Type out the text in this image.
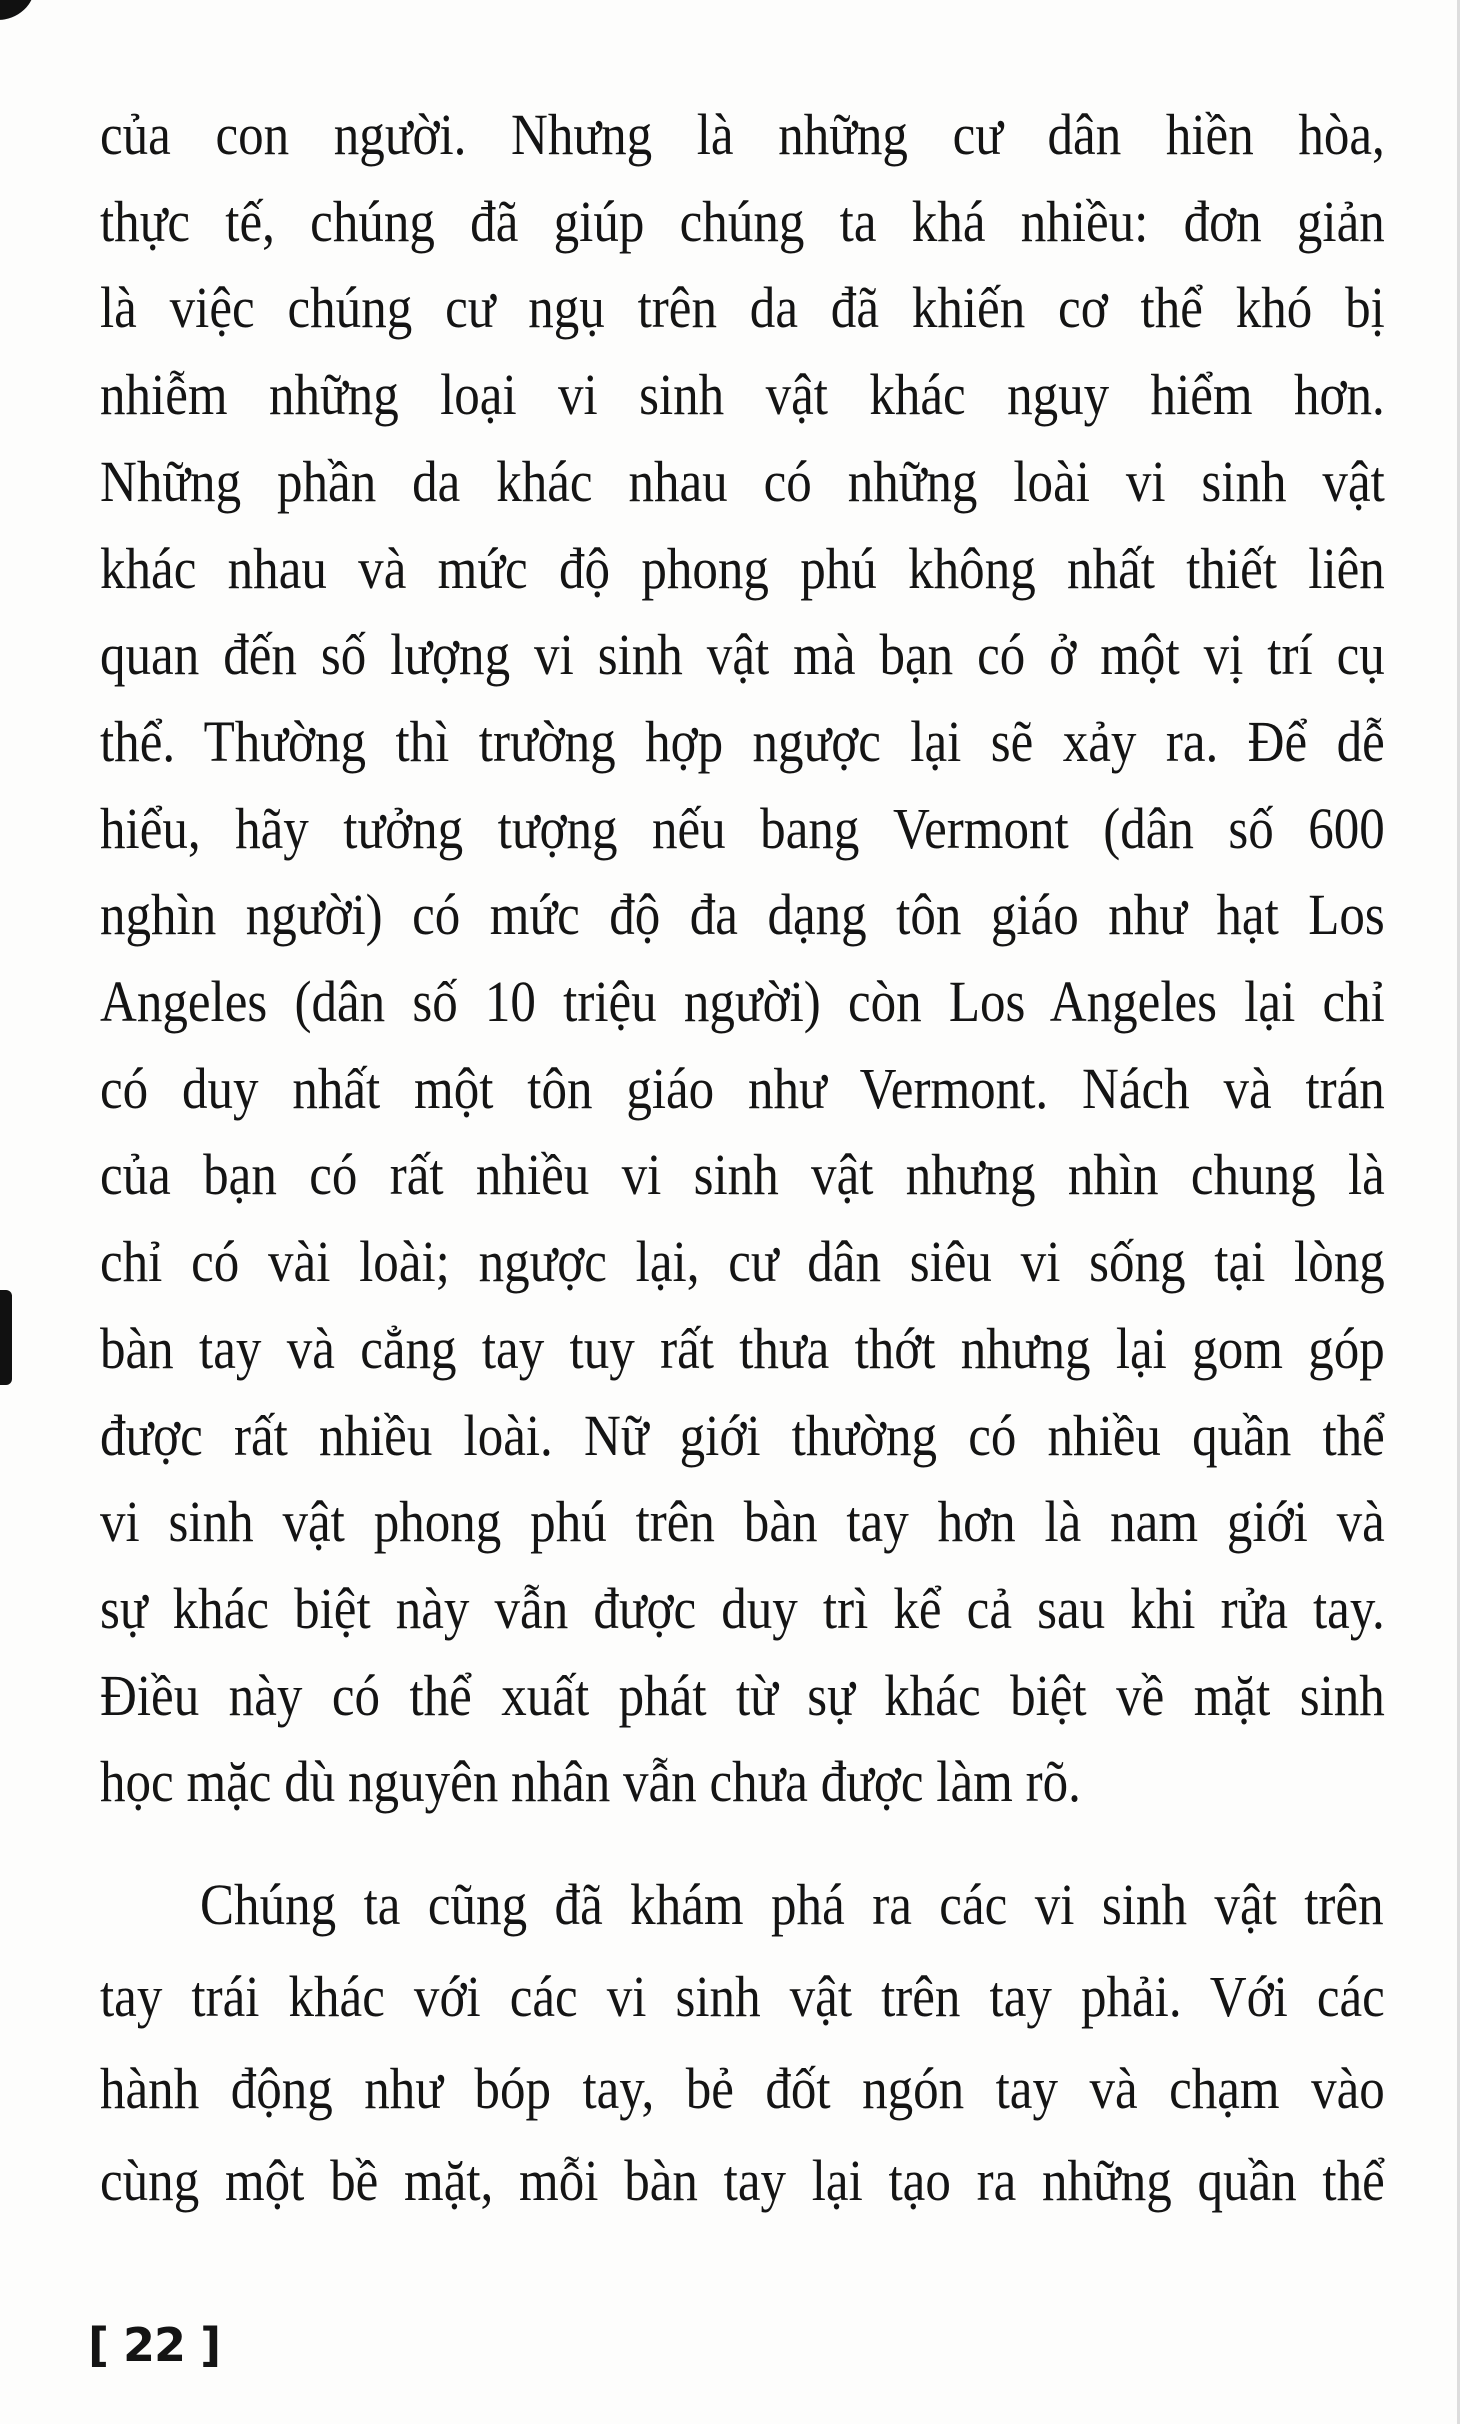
của con người. Nhưng là những cư dân hiền hòa,
thực tế, chúng đã giúp chúng ta khá nhiều: đơn giản
là việc chúng cư ngụ trên da đã khiến cơ thể khó bị
nhiễm những loại vi sinh vật khác nguy hiểm hơn.
Những phần da khác nhau có những loài vi sinh vật
khác nhau và mức độ phong phú không nhất thiết liên
quan đến số lượng vi sinh vật mà bạn có ở một vị trí cụ
thể. Thường thì trường hợp ngược lại sẽ xảy ra. Để dễ
hiểu, hãy tưởng tượng nếu bang Vermont (dân số 600
nghìn người) có mức độ đa dạng tôn giáo như hạt Los
Angeles (dân số 10 triệu người) còn Los Angeles lại chỉ
có duy nhất một tôn giáo như Vermont. Nách và trán
của bạn có rất nhiều vi sinh vật nhưng nhìn chung là
chỉ có vài loài; ngược lại, cư dân siêu vi sống tại lòng
bàn tay và cẳng tay tuy rất thưa thớt nhưng lại gom góp
được rất nhiều loài. Nữ giới thường có nhiều quần thể
vi sinh vật phong phú trên bàn tay hơn là nam giới và
sự khác biệt này vẫn được duy trì kể cả sau khi rửa tay.
Điều này có thể xuất phát từ sự khác biệt về mặt sinh
học mặc dù nguyên nhân vẫn chưa được làm rõ.
Chúng ta cũng đã khám phá ra các vi sinh vật trên
tay trái khác với các vi sinh vật trên tay phải. Với các
hành động như bóp tay, bẻ đốt ngón tay và chạm vào
cùng một bề mặt, mỗi bàn tay lại tạo ra những quần thể
[ 22 ]
